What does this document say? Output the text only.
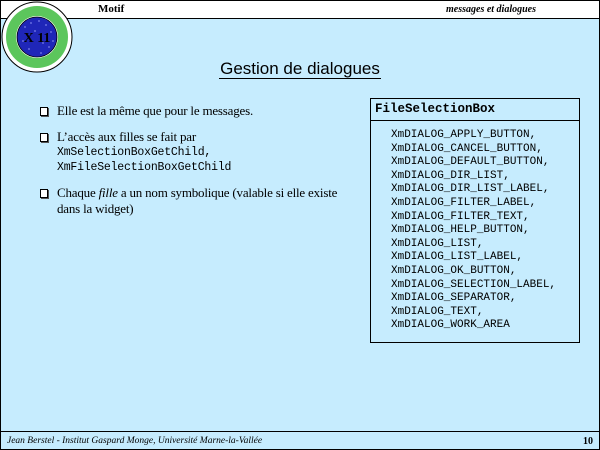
X 11
Motif	messages et dialogues
Gestion de dialogues
Elle est la même que pour le messages.
L’accès aux filles se fait par
XmSelectionBoxGetChild,
XmFileSelectionBoxGetChild
Chaque fille a un nom symbolique (valable si elle existe dans la widget)
FileSelectionBox
XmDIALOG_APPLY_BUTTON,
XmDIALOG_CANCEL_BUTTON,
XmDIALOG_DEFAULT_BUTTON,
XmDIALOG_DIR_LIST,
XmDIALOG_DIR_LIST_LABEL,
XmDIALOG_FILTER_LABEL,
XmDIALOG_FILTER_TEXT,
XmDIALOG_HELP_BUTTON,
XmDIALOG_LIST,
XmDIALOG_LIST_LABEL,
XmDIALOG_OK_BUTTON,
XmDIALOG_SELECTION_LABEL,
XmDIALOG_SEPARATOR,
XmDIALOG_TEXT,
XmDIALOG_WORK_AREA
Jean Berstel - Institut Gaspard Monge, Université Marne-la-Vallée	10
